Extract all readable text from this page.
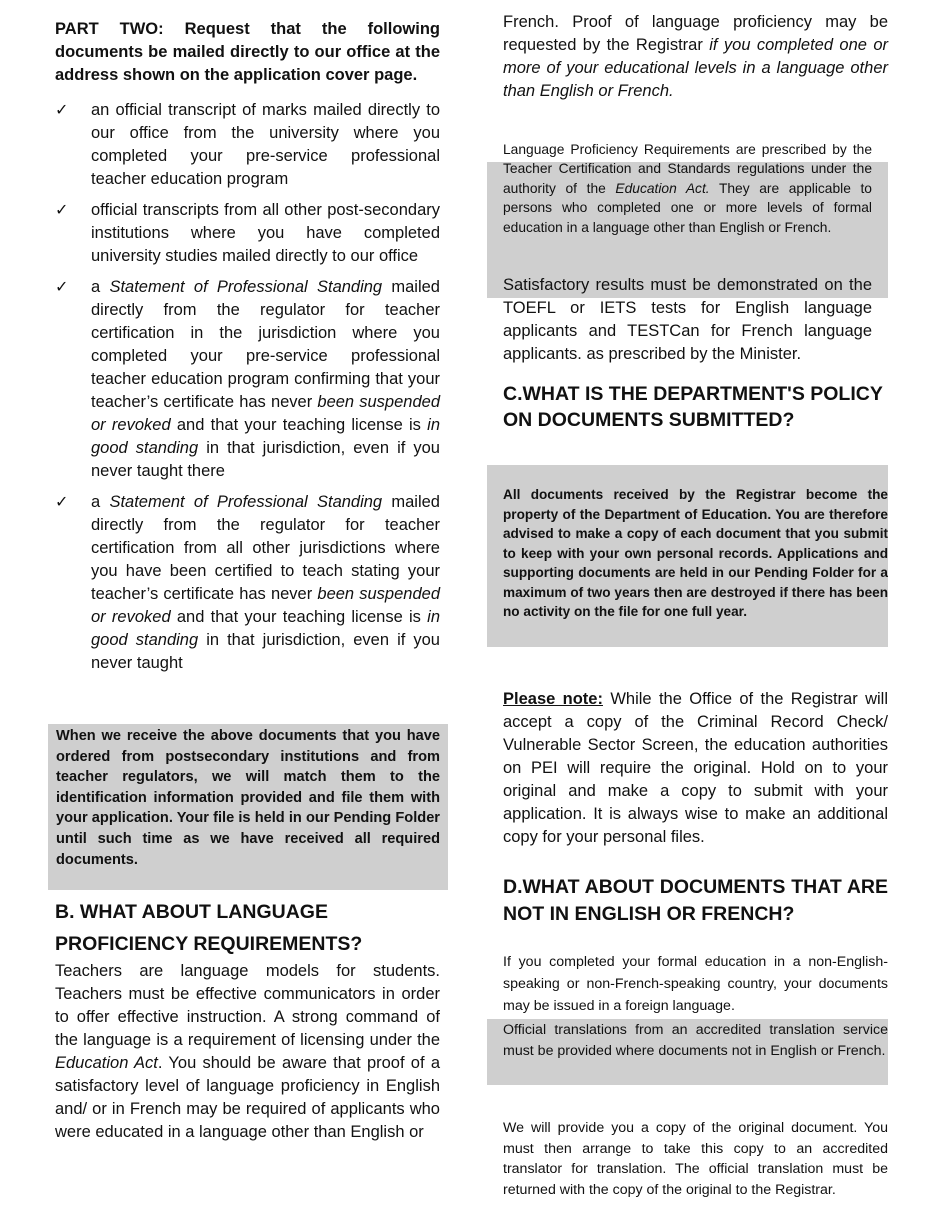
PART TWO: Request that the following documents be mailed directly to our office at the address shown on the application cover page.

✓ an official transcript of marks mailed directly to our office from the university where you completed your pre-service professional teacher education program
✓ official transcripts from all other post-secondary institutions where you have completed university studies mailed directly to our office
✓ a Statement of Professional Standing mailed directly from the regulator for teacher certification in the jurisdiction where you completed your pre-service professional teacher education program confirming that your teacher’s certificate has never been suspended or revoked and that your teaching license is in good standing in that jurisdiction, even if you never taught there
✓ a Statement of Professional Standing mailed directly from the regulator for teacher certification from all other jurisdictions where you have been certified to teach stating your teacher’s certificate has never been suspended or revoked and that your teaching license is in good standing in that jurisdiction, even if you never taught
When we receive the above documents that you have ordered from postsecondary institutions and from teacher regulators, we will match them to the identification information provided and file them with your application. Your file is held in our Pending Folder until such time as we have received all required documents.
B. WHAT ABOUT LANGUAGE PROFICIENCY REQUIREMENTS?

Teachers are language models for students. Teachers must be effective communicators in order to offer effective instruction. A strong command of the language is a requirement of licensing under the Education Act. You should be aware that proof of a satisfactory level of language proficiency in English and/ or in French may be required of applicants who were educated in a language other than English or

French. Proof of language proficiency may be requested by the Registrar if you completed one or more of your educational levels in a language other than English or French.

Language Proficiency Requirements are prescribed by the Teacher Certification and Standards regulations under the authority of the Education Act. They are applicable to persons who completed one or more levels of formal education in a language other than English or French.

Satisfactory results must be demonstrated on the TOEFL or IETS tests for English language applicants and TESTCan for French language applicants. as prescribed by the Minister.

C.WHAT IS THE DEPARTMENT'S POLICY ON DOCUMENTS SUBMITTED?
All documents received by the Registrar become the property of the Department of Education. You are therefore advised to make a copy of each document that you submit to keep with your own personal records. Applications and supporting documents are held in our Pending Folder for a maximum of two years then are destroyed if there has been no activity on the file for one full year.

Please note: While the Office of the Registrar will accept a copy of the Criminal Record Check/ Vulnerable Sector Screen, the education authorities on PEI will require the original. Hold on to your original and make a copy to submit with your application. It is always wise to make an additional copy for your personal files.

D.WHAT ABOUT DOCUMENTS THAT ARE NOT IN ENGLISH OR FRENCH?

If you completed your formal education in a non-English-speaking or non-French-speaking country, your documents may be issued in a foreign language.

Official translations from an accredited translation service must be provided where documents not in English or French.

We will provide you a copy of the original document. You must then arrange to take this copy to an accredited translator for translation. The official translation must be returned with the copy of the original to the Registrar.
